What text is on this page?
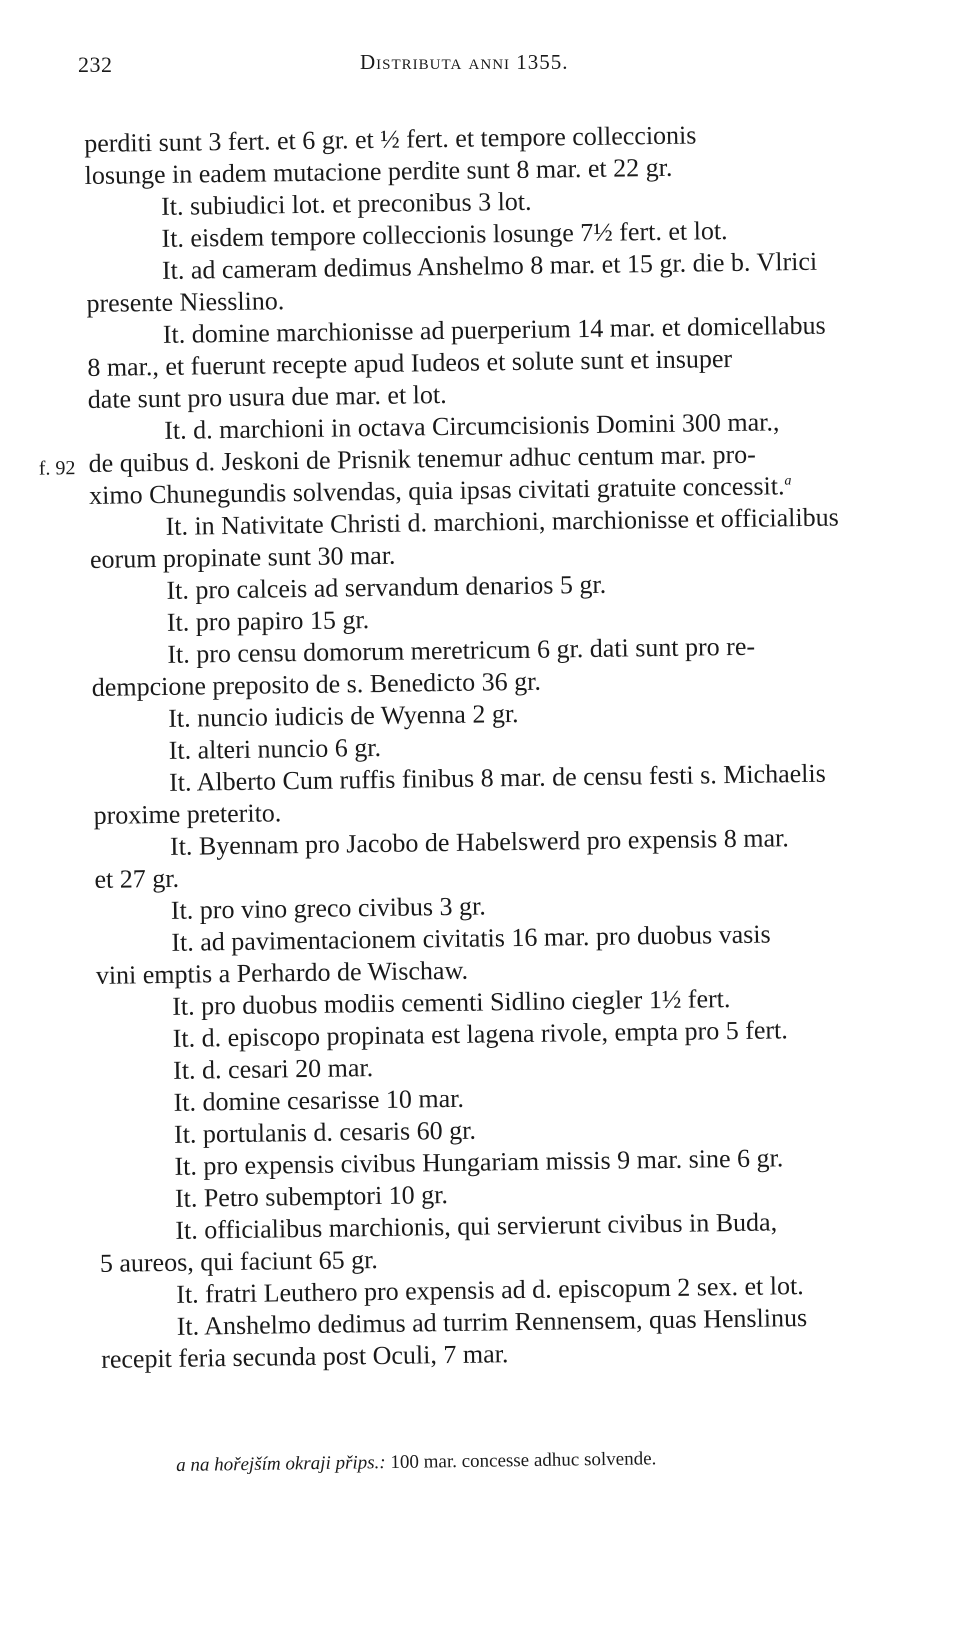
232	Distributa anni 1355.
perditi sunt 3 fert. et 6 gr. et ½ fert. et tempore colleccionis
losunge in eadem mutacione perdite sunt 8 mar. et 22 gr.
It. subiudici lot. et preconibus 3 lot.
It. eisdem tempore colleccionis losunge 7½ fert. et lot.
It. ad cameram dedimus Anshelmo 8 mar. et 15 gr. die b. Vlrici
presente Niesslino.
It. domine marchionisse ad puerperium 14 mar. et domicellabus
8 mar., et fuerunt recepte apud Iudeos et solute sunt et insuper
date sunt pro usura due mar. et lot.
It. d. marchioni in octava Circumcisionis Domini 300 mar.,
f. 92 de quibus d. Jeskoni de Prisnik tenemur adhuc centum mar. pro-
ximo Chunegundis solvendas, quia ipsas civitati gratuite concessit.$^a$
It. in Nativitate Christi d. marchioni, marchionisse et officialibus
eorum propinate sunt 30 mar.
It. pro calceis ad servandum denarios 5 gr.
It. pro papiro 15 gr.
It. pro censu domorum meretricum 6 gr. dati sunt pro re-
dempcione preposito de s. Benedicto 36 gr.
It. nuncio iudicis de Wyenna 2 gr.
It. alteri nuncio 6 gr.
It. Alberto Cum ruffis finibus 8 mar. de censu festi s. Michaelis
proxime preterito.
It. Byennam pro Jacobo de Habelswerd pro expensis 8 mar.
et 27 gr.
It. pro vino greco civibus 3 gr.
It. ad pavimentacionem civitatis 16 mar. pro duobus vasis
vini emptis a Perhardo de Wischaw.
It. pro duobus modiis cementi Sidlino ciegler 1½ fert.
It. d. episcopo propinata est lagena rivole, empta pro 5 fert.
It. d. cesari 20 mar.
It. domine cesarisse 10 mar.
It. portulanis d. cesaris 60 gr.
It. pro expensis civibus Hungariam missis 9 mar. sine 6 gr.
It. Petro subemptori 10 gr.
It. officialibus marchionis, qui servierunt civibus in Buda,
5 aureos, qui faciunt 65 gr.
It. fratri Leuthero pro expensis ad d. episcopum 2 sex. et lot.
It. Anshelmo dedimus ad turrim Rennensem, quas Henslinus
recepit feria secunda post Oculi, 7 mar.
a na hořejším okraji přips.: 100 mar. concesse adhuc solvende.
